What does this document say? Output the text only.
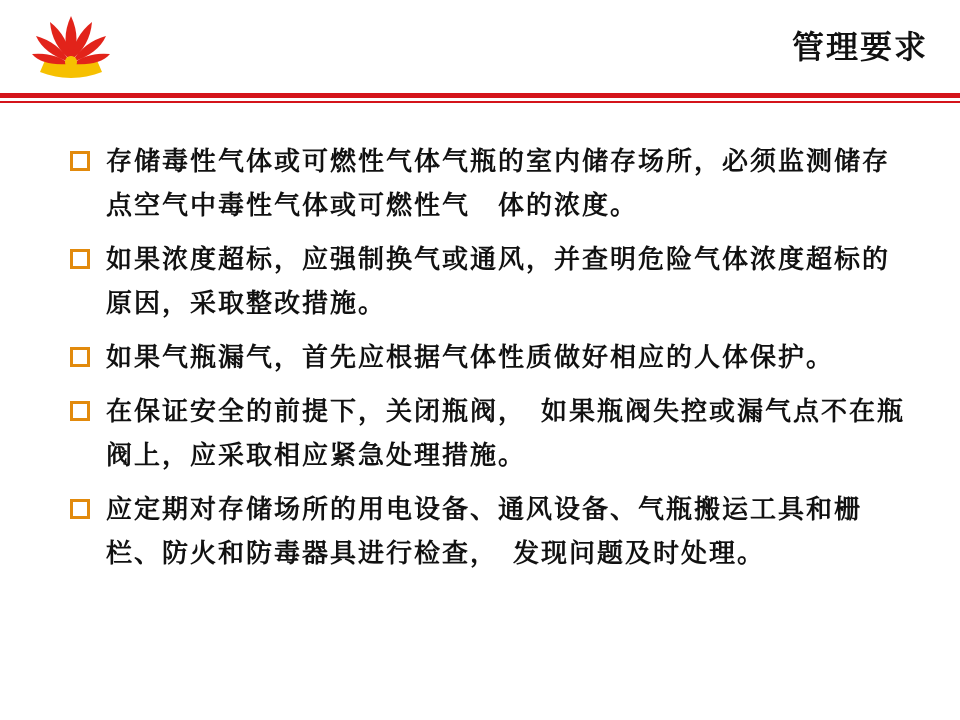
管理要求
存储毒性气体或可燃性气体气瓶的室内储存场所，必须监测储存点空气中毒性气体或可燃性气　体的浓度。
如果浓度超标，应强制换气或通风，并查明危险气体浓度超标的原因，采取整改措施。
如果气瓶漏气，首先应根据气体性质做好相应的人体保护。
在保证安全的前提下，关闭瓶阀，　如果瓶阀失控或漏气点不在瓶阀上，应采取相应紧急处理措施。
应定期对存储场所的用电设备、通风设备、气瓶搬运工具和栅栏、防火和防毒器具进行检查，　发现问题及时处理。
